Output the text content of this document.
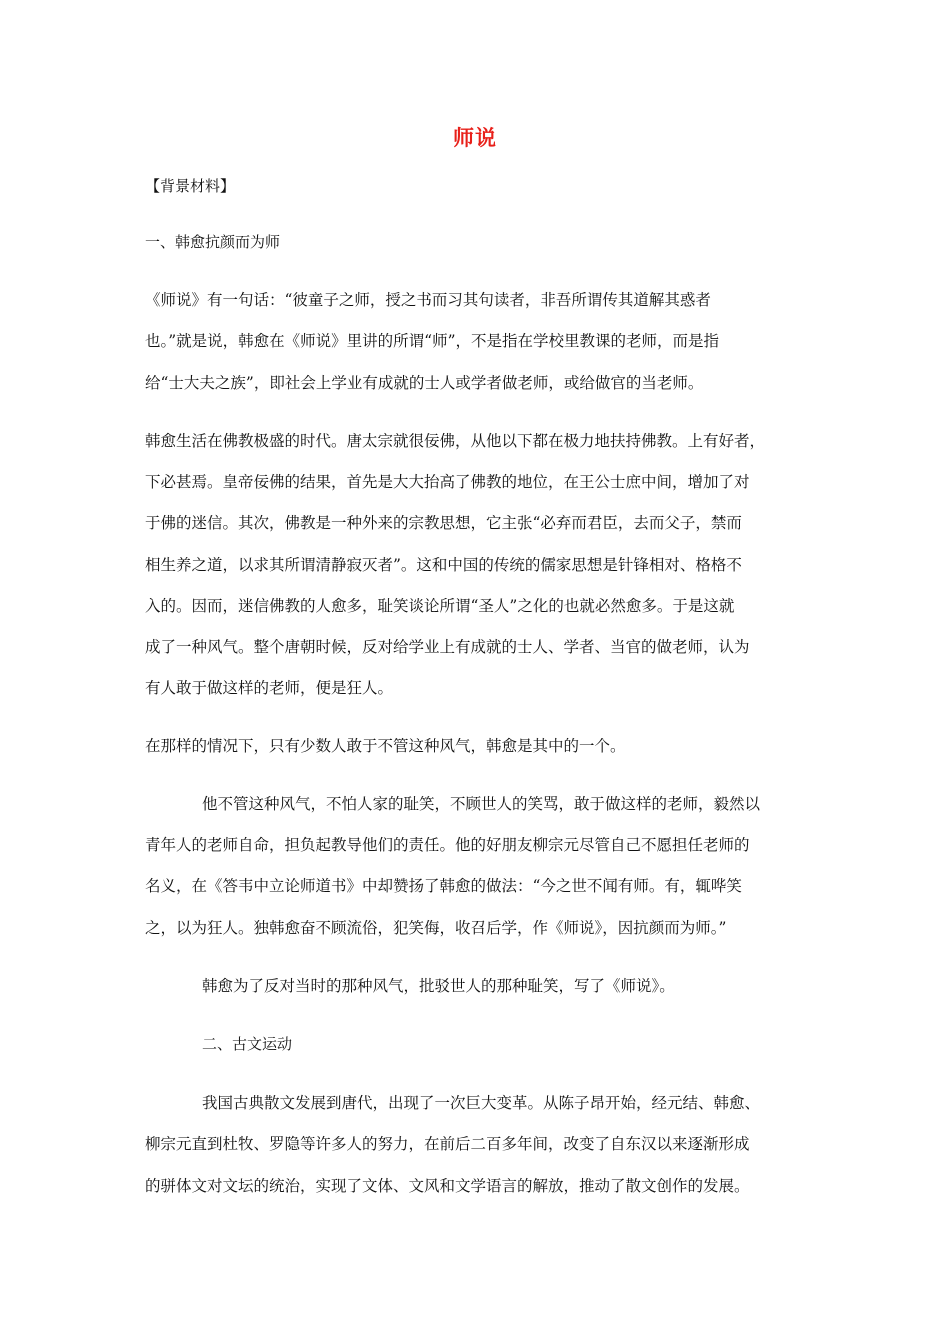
师说
【背景材料】
一、韩愈抗颜而为师
《师说》有一句话：“彼童子之师，授之书而习其句读者，非吾所谓传其道解其惑者
也。”就是说，韩愈在《师说》里讲的所谓“师”，不是指在学校里教课的老师，而是指
给“士大夫之族”，即社会上学业有成就的士人或学者做老师，或给做官的当老师。
韩愈生活在佛教极盛的时代。唐太宗就很佞佛，从他以下都在极力地扶持佛教。上有好者，
下必甚焉。皇帝佞佛的结果，首先是大大抬高了佛教的地位，在王公士庶中间，增加了对
于佛的迷信。其次，佛教是一种外来的宗教思想，它主张“必弃而君臣，去而父子，禁而
相生养之道，以求其所谓清静寂灭者”。这和中国的传统的儒家思想是针锋相对、格格不
入的。因而，迷信佛教的人愈多，耻笑谈论所谓“圣人”之化的也就必然愈多。于是这就
成了一种风气。整个唐朝时候，反对给学业上有成就的士人、学者、当官的做老师，认为
有人敢于做这样的老师，便是狂人。
在那样的情况下，只有少数人敢于不管这种风气，韩愈是其中的一个。
他不管这种风气，不怕人家的耻笑，不顾世人的笑骂，敢于做这样的老师，毅然以
青年人的老师自命，担负起教导他们的责任。他的好朋友柳宗元尽管自己不愿担任老师的
名义，在《答韦中立论师道书》中却赞扬了韩愈的做法：“今之世不闻有师。有，辄哗笑
之，以为狂人。独韩愈奋不顾流俗，犯笑侮，收召后学，作《师说》，因抗颜而为师。”
韩愈为了反对当时的那种风气，批驳世人的那种耻笑，写了《师说》。
二、古文运动
我国古典散文发展到唐代，出现了一次巨大变革。从陈子昂开始，经元结、韩愈、
柳宗元直到杜牧、罗隐等许多人的努力，在前后二百多年间，改变了自东汉以来逐渐形成
的骈体文对文坛的统治，实现了文体、文风和文学语言的解放，推动了散文创作的发展。
